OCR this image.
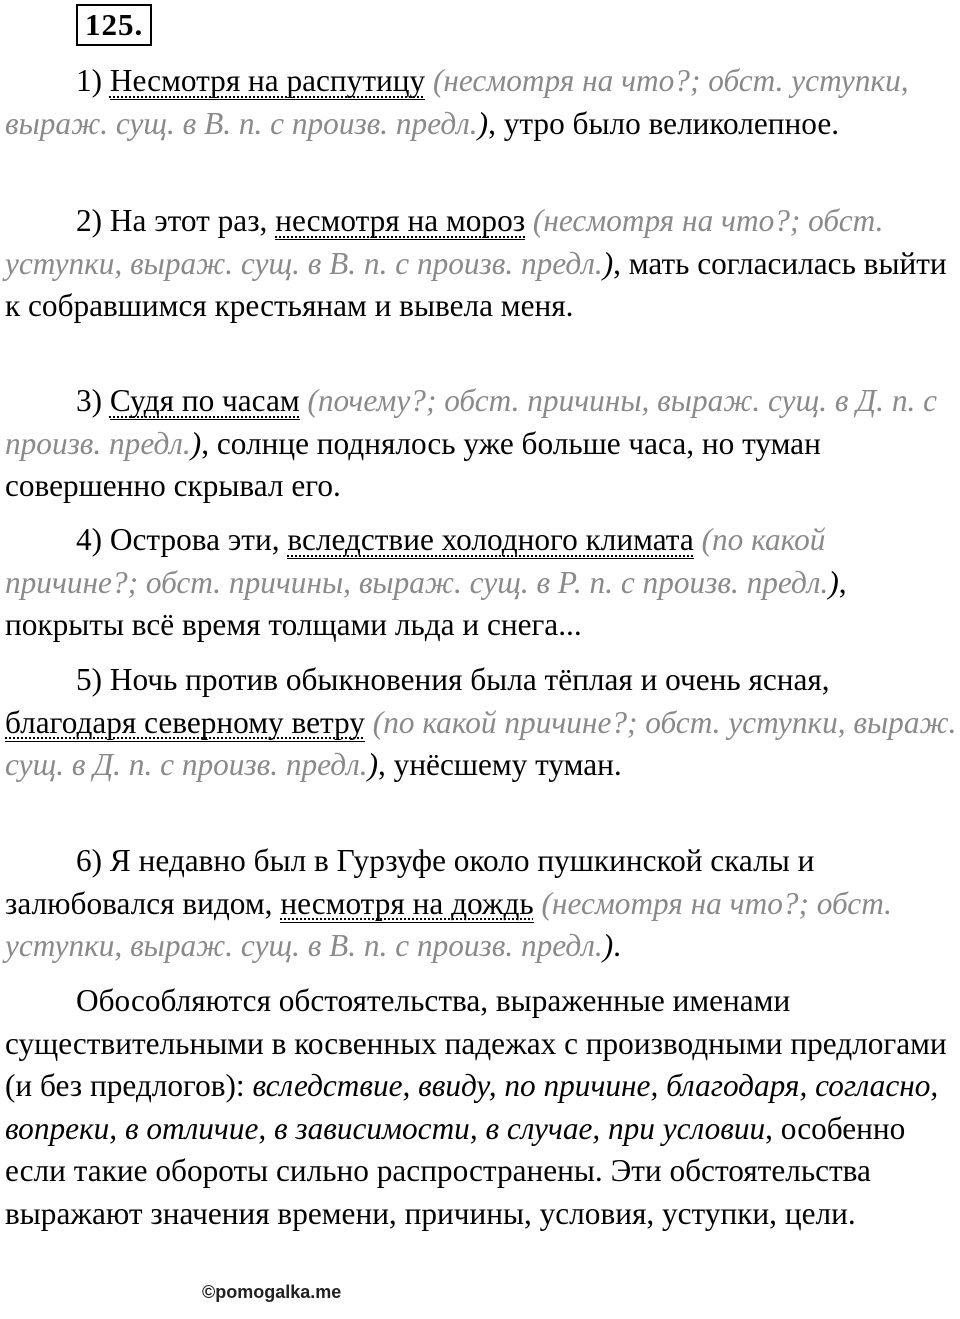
125.

1) Несмотря на распутицу (несмотря на что?; обст. уступки, выраж. сущ. в В. п. с произв. предл.), утро было великолепное.

2) На этот раз, несмотря на мороз (несмотря на что?; обст. уступки, выраж. сущ. в В. п. с произв. предл.), мать согласилась выйти к собравшимся крестьянам и вывела меня.

3) Судя по часам (почему?; обст. причины, выраж. сущ. в Д. п. с произв. предл.), солнце поднялось уже больше часа, но туман совершенно скрывал его.

4) Острова эти, вследствие холодного климата (по какой причине?; обст. причины, выраж. сущ. в Р. п. с произв. предл.), покрыты всё время толщами льда и снега...

5) Ночь против обыкновения была тёплая и очень ясная, благодаря северному ветру (по какой причине?; обст. уступки, выраж. сущ. в Д. п. с произв. предл.), унёсшему туман.

6) Я недавно был в Гурзуфе около пушкинской скалы и залюбовался видом, несмотря на дождь (несмотря на что?; обст. уступки, выраж. сущ. в В. п. с произв. предл.).

Обособляются обстоятельства, выраженные именами существительными в косвенных падежах с производными предлогами (и без предлогов): вследствие, ввиду, по причине, благодаря, согласно, вопреки, в отличие, в зависимости, в случае, при условии, особенно если такие обороты сильно распространены. Эти обстоятельства выражают значения времени, причины, условия, уступки, цели.

©pomogalka.me
